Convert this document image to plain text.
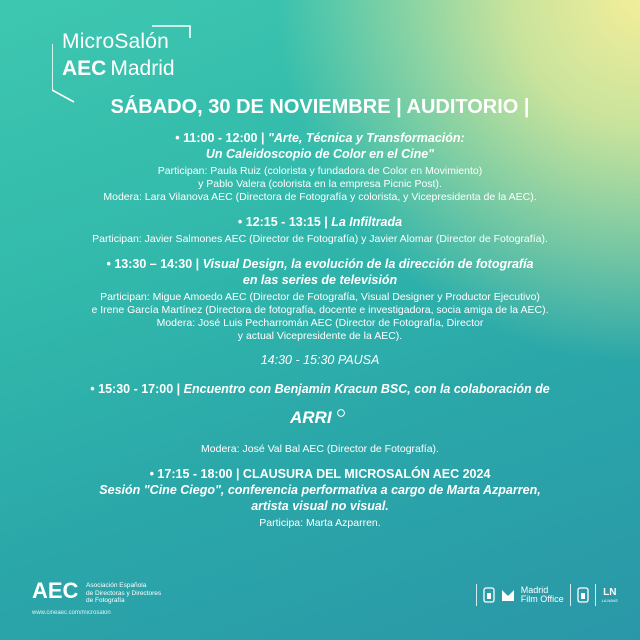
MicroSalón
AEC Madrid
SÁBADO, 30 DE NOVIEMBRE | AUDITORIO |
• 11:00 - 12:00 | "Arte, Técnica y Transformación:
Un Caleidoscopio de Color en el Cine"
Participan: Paula Ruiz (colorista y fundadora de Color en Movimiento)
y Pablo Valera (colorista en la empresa Picnic Post).
Modera: Lara Vilanova AEC (Directora de Fotografía y colorista, y Vicepresidenta de la AEC).
• 12:15 - 13:15 | La Infiltrada
Participan: Javier Salmones AEC (Director de Fotografía) y Javier Alomar (Director de Fotografía).
• 13:30 – 14:30 | Visual Design, la evolución de la dirección de fotografía
en las series de televisión
Participan: Migue Amoedo AEC (Director de Fotografía, Visual Designer y Productor Ejecutivo)
e Irene García Martínez (Directora de fotografía, docente e investigadora, socia amiga de la AEC).
Modera: José Luis Pecharromán AEC (Director de Fotografía, Director
y actual Vicepresidente de la AEC).
14:30 - 15:30 PAUSA
• 15:30 - 17:00 | Encuentro con Benjamin Kracun BSC, con la colaboración de
ARRI
Modera: José Val Bal AEC (Director de Fotografía).
• 17:15 - 18:00 | CLAUSURA DEL MICROSALÓN AEC 2024
Sesión "Cine Ciego", conferencia performativa a cargo de Marta Azparren,
artista visual no visual.
Participa: Marta Azparren.
AEC Asociación Española
de Directoras y Directores
de Fotografía
www.cineaec.com/microsalon
Madrid
Film Office
LN
LA NAVE
